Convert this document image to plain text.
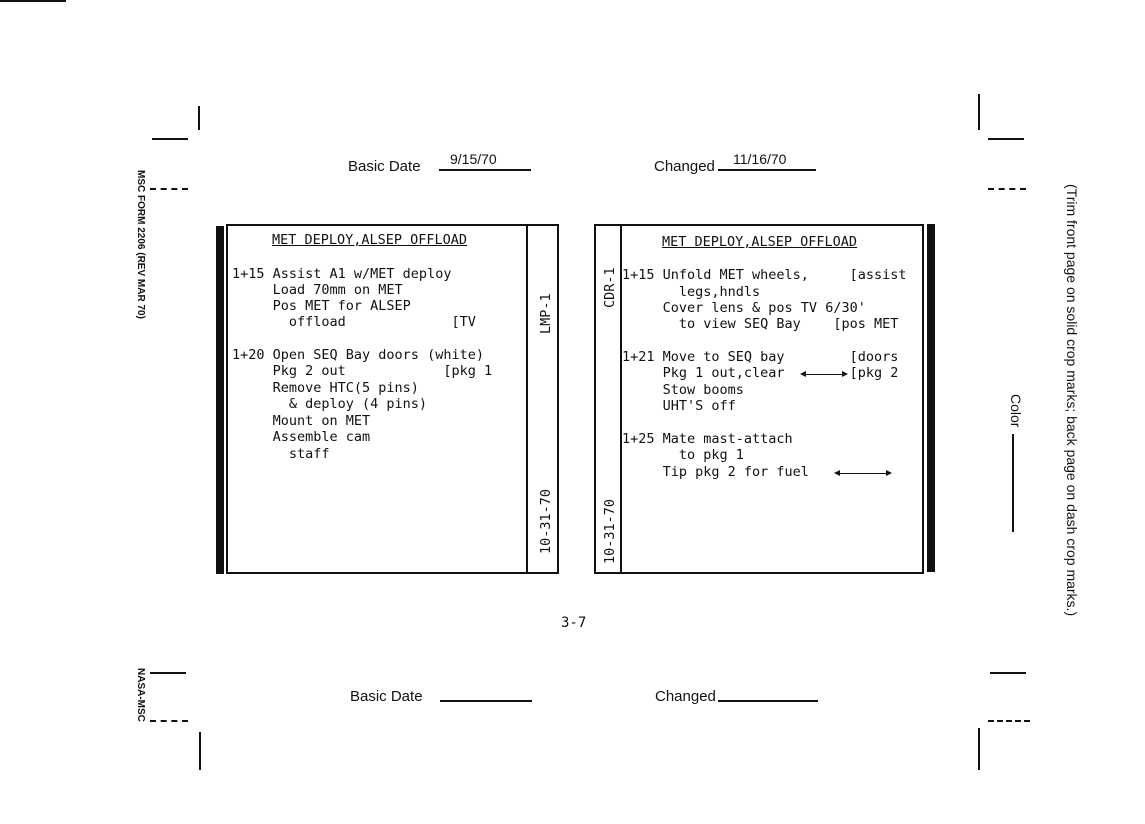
MSC FORM 2206 (REV MAR 70)
NASA-MSC
(Trim front page on solid crop marks; back page on dash crop marks.)
Color
Basic Date 9/15/70	Changed 11/16/70
MET DEPLOY,ALSEP OFFLOAD
LMP-1
10-31-70
1+15 Assist A1 w/MET deploy
Load 70mm on MET
Pos MET for ALSEP
offload             [TV
1+20 Open SEQ Bay doors (white)
Pkg 2 out            [pkg 1
Remove HTC(5 pins)
& deploy (4 pins)
Mount on MET
Assemble cam
staff
MET DEPLOY,ALSEP OFFLOAD
CDR-1
10-31-70
1+15 Unfold MET wheels,     [assist
legs,hndls
Cover lens & pos TV 6/30'
to view SEQ Bay    [pos MET
1+21 Move to SEQ bay        [doors
Pkg 1 out,clear        [pkg 2
Stow booms
UHT'S off
1+25 Mate mast-attach
to pkg 1
Tip pkg 2 for fuel
3-7
Basic Date	Changed
